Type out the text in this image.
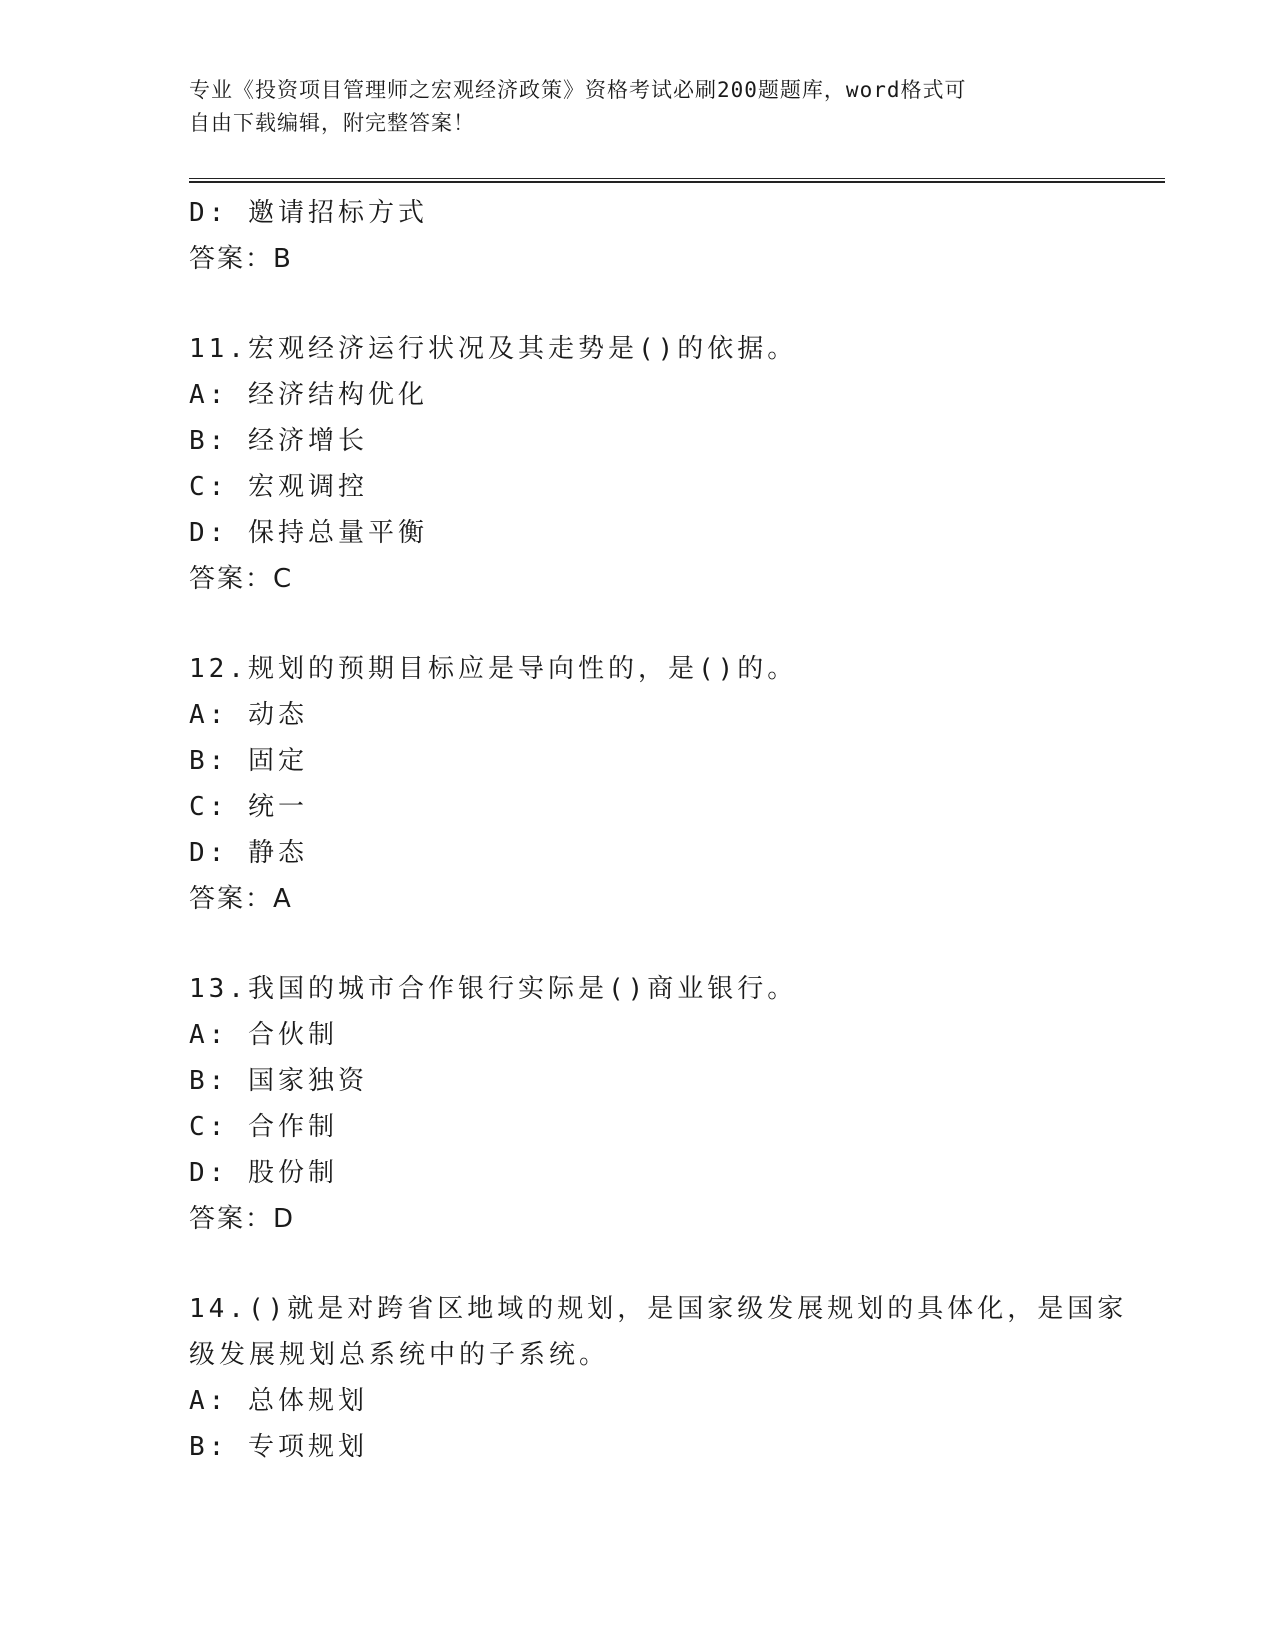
专业《投资项目管理师之宏观经济政策》资格考试必刷200题题库，word格式可
自由下载编辑，附完整答案！
D: 邀请招标方式
答案：B
11.宏观经济运行状况及其走势是()的依据。
A: 经济结构优化
B: 经济增长
C: 宏观调控
D: 保持总量平衡
答案：C
12.规划的预期目标应是导向性的，是()的。
A: 动态
B: 固定
C: 统一
D: 静态
答案：A
13.我国的城市合作银行实际是()商业银行。
A: 合伙制
B: 国家独资
C: 合作制
D: 股份制
答案：D
14.()就是对跨省区地域的规划，是国家级发展规划的具体化，是国家
级发展规划总系统中的子系统。
A: 总体规划
B: 专项规划
